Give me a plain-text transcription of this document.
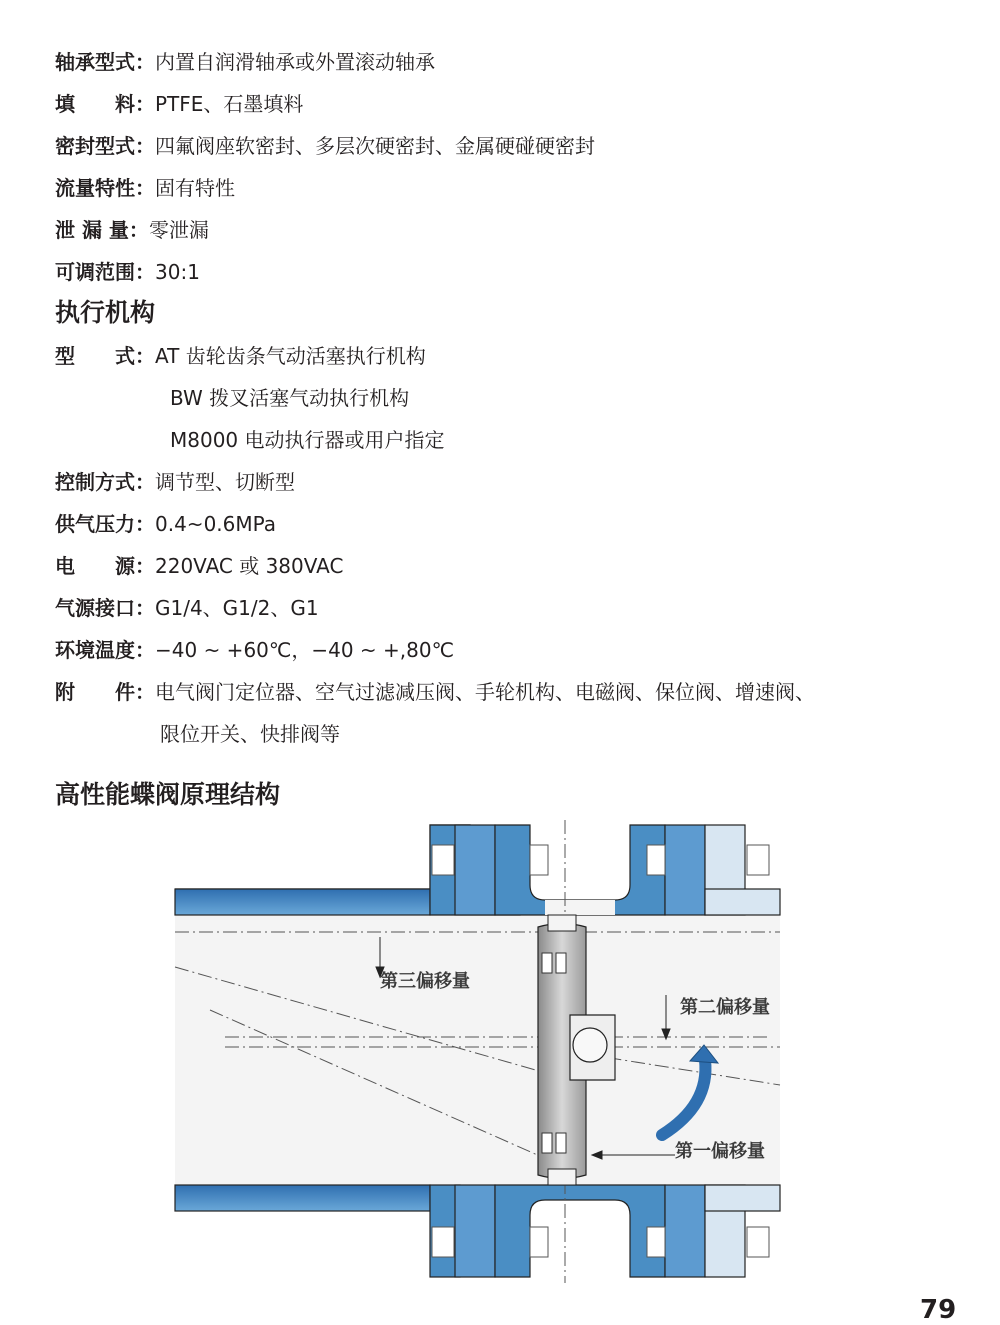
轴承型式：内置自润滑轴承或外置滚动轴承
填　　料：PTFE、石墨填料
密封型式：四氟阀座软密封、多层次硬密封、金属硬碰硬密封
流量特性：固有特性
泄 漏 量：零泄漏
可调范围：30:1
执行机构
型　　式：AT 齿轮齿条气动活塞执行机构
BW 拨叉活塞气动执行机构
M8000 电动执行器或用户指定
控制方式：调节型、切断型
供气压力：0.4~0.6MPa
电　　源：220VAC 或 380VAC
气源接口：G1/4、G1/2、G1
环境温度：−40 ~ +60℃，−40 ~ +,80℃
附　　件：电气阀门定位器、空气过滤减压阀、手轮机构、电磁阀、保位阀、增速阀、
限位开关、快排阀等
高性能蝶阀原理结构
第三偏移量
第二偏移量
第一偏移量
79
